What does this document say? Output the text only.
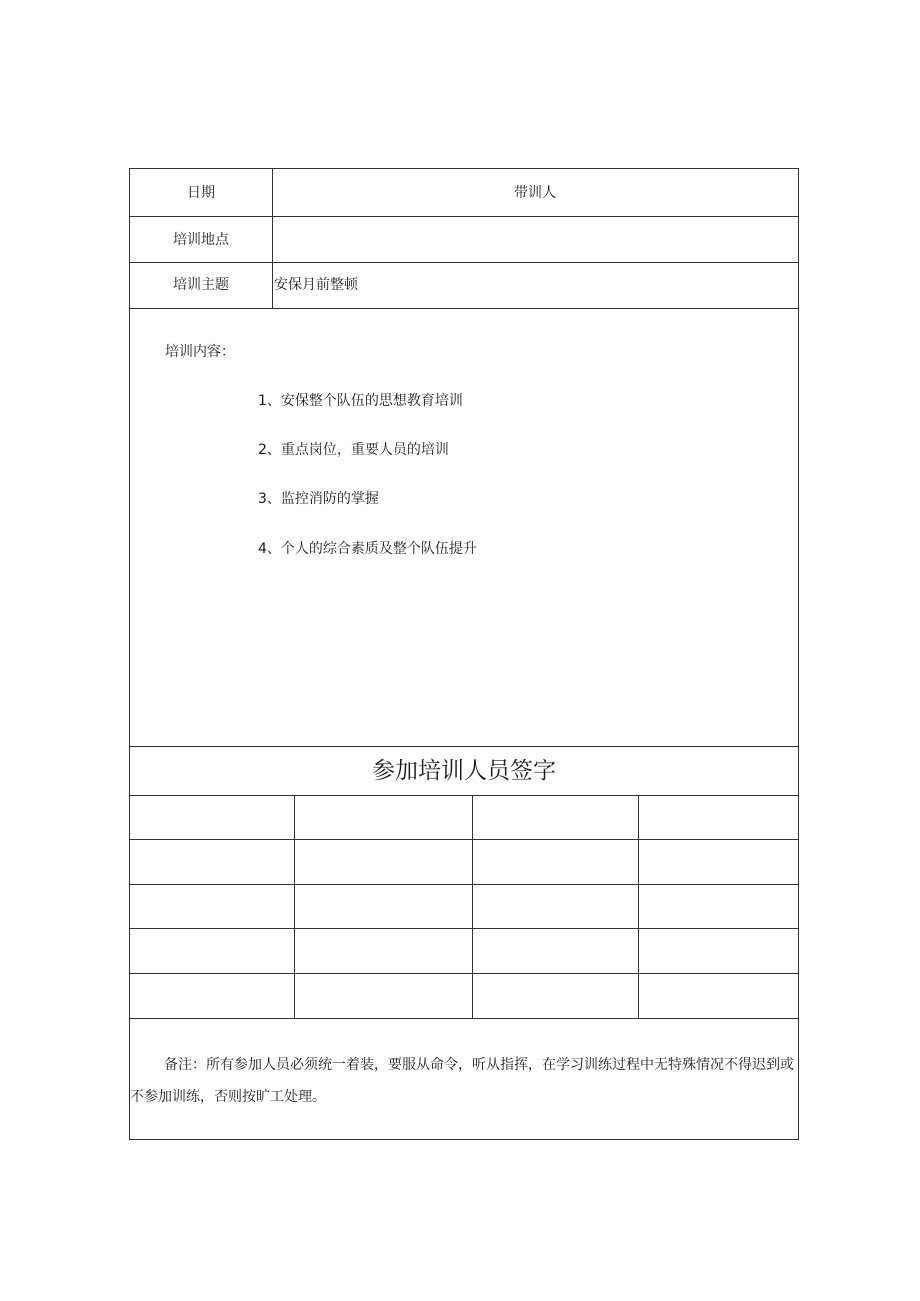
日期	带训人
培训地点
培训主题	安保月前整顿
培训内容：
1、安保整个队伍的思想教育培训
2、重点岗位，重要人员的培训
3、监控消防的掌握
4、个人的综合素质及整个队伍提升
参加培训人员签字
备注：所有参加人员必须统一着装，要服从命令，听从指挥，在学习训练过程中无特殊情况不得迟到或不参加训练，否则按旷工处理。
